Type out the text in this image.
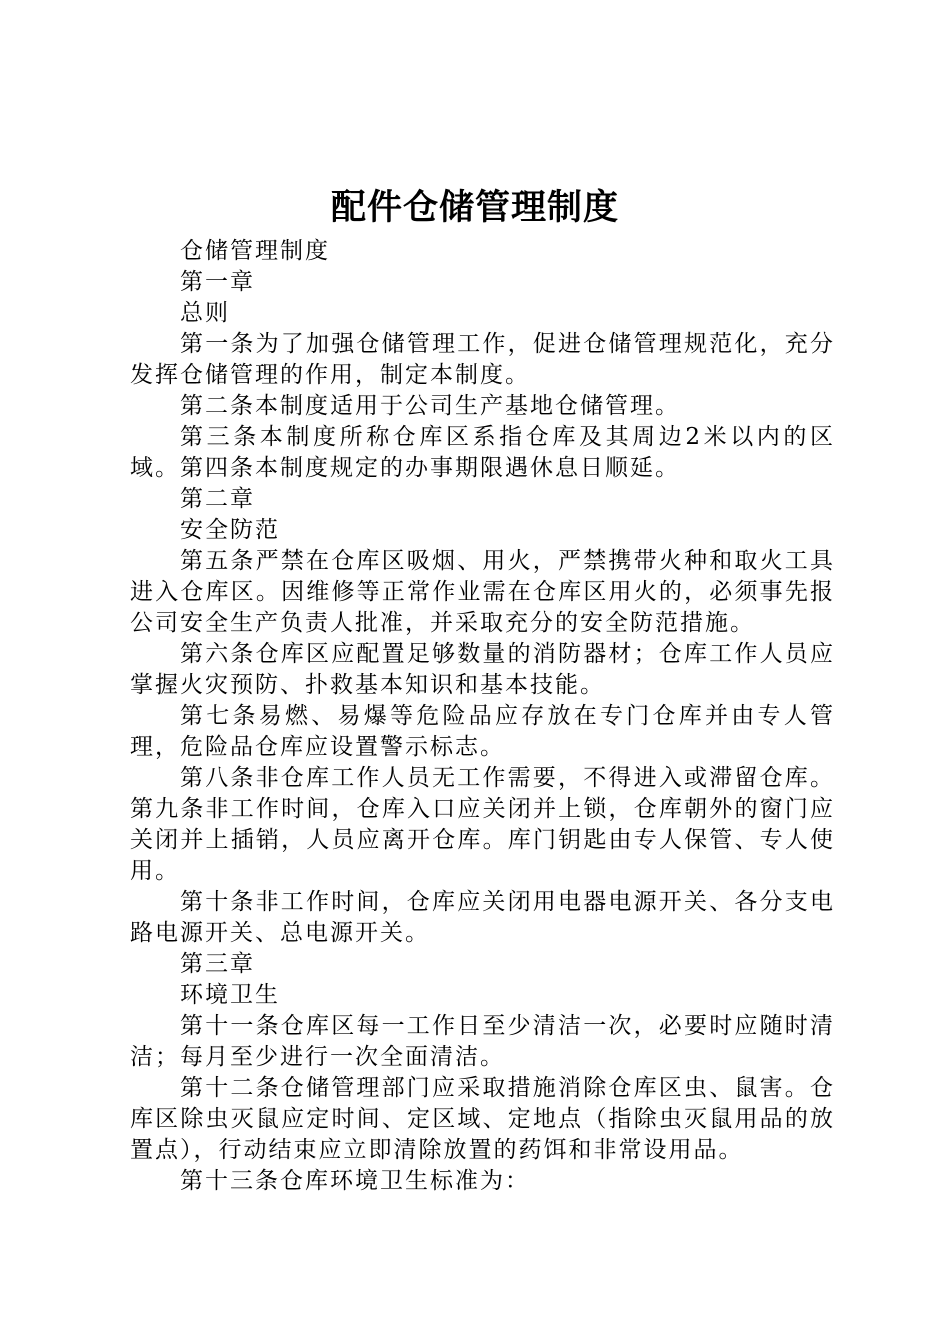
配件仓储管理制度

仓储管理制度

第一章

总则

第一条为了加强仓储管理工作，促进仓储管理规范化，充分发挥仓储管理的作用，制定本制度。

第二条本制度适用于公司生产基地仓储管理。

第三条本制度所称仓库区系指仓库及其周边2米以内的区域。第四条本制度规定的办事期限遇休息日顺延。

第二章

安全防范

第五条严禁在仓库区吸烟、用火，严禁携带火种和取火工具进入仓库区。因维修等正常作业需在仓库区用火的，必须事先报公司安全生产负责人批准，并采取充分的安全防范措施。

第六条仓库区应配置足够数量的消防器材；仓库工作人员应掌握火灾预防、扑救基本知识和基本技能。

第七条易燃、易爆等危险品应存放在专门仓库并由专人管理，危险品仓库应设置警示标志。

第八条非仓库工作人员无工作需要，不得进入或滞留仓库。第九条非工作时间，仓库入口应关闭并上锁，仓库朝外的窗门应关闭并上插销，人员应离开仓库。库门钥匙由专人保管、专人使用。

第十条非工作时间，仓库应关闭用电器电源开关、各分支电路电源开关、总电源开关。

第三章

环境卫生

第十一条仓库区每一工作日至少清洁一次，必要时应随时清洁；每月至少进行一次全面清洁。

第十二条仓储管理部门应采取措施消除仓库区虫、鼠害。仓库区除虫灭鼠应定时间、定区域、定地点（指除虫灭鼠用品的放置点），行动结束应立即清除放置的药饵和非常设用品。

第十三条仓库环境卫生标准为：
